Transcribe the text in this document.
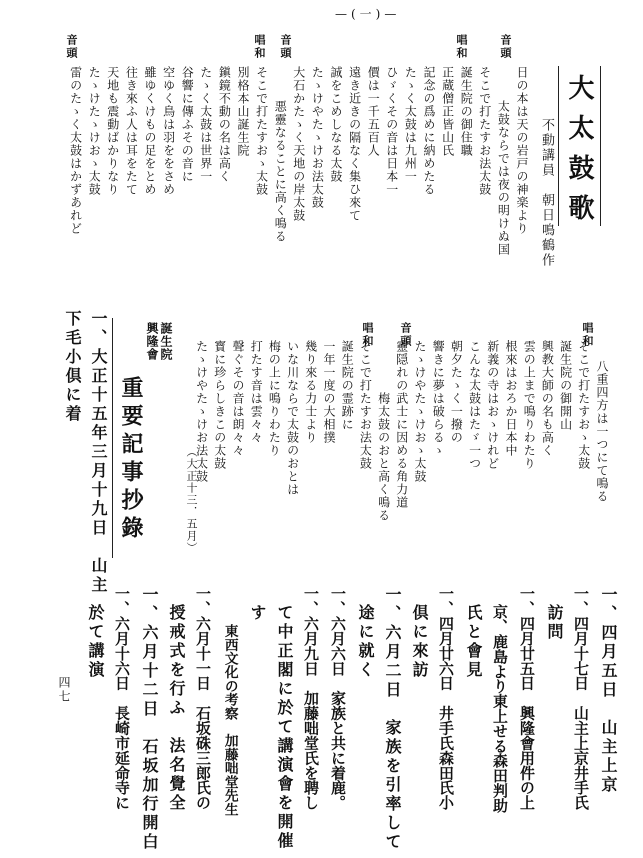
—(一)—
大太鼓歌
不動講員　朝日鳴鶴作
音頭
唱和
音頭
唱和
音頭
日の本は天の岩戸の神楽より
太鼓ならでは夜の明けぬ国
そこで打たすお法太鼓
誕生院の御住職
正蔵僧正皆山氏
記念の爲めに納めたる
たゝく太鼓は九州一
ひゞくその音は日本一
價は一千五百人
遠き近きの隔なく集ひ來て
誠をこめしなる太鼓
たゝけやたゝけお法太鼓
大石かたゝく天地の岸太鼓
悪靈なることに高く鳴る
そこで打たすおゝ太鼓
別格本山誕生院
鎭鏡不動の名は高く
たゝく太鼓は世界一
谷響に傳ふその音に
空ゆく鳥は羽ををさめ
雖ゆくけもの足をとめ
往き來ふ人は耳をたて
天地も震動ばかりなり
たゝけたゝけおゝ太鼓
雷のたゝく太鼓はかずあれど
唱和
音頭
唱和
八重四方は一つにて鳴る
そこで打たすおゝ太鼓
誕生院の御開山
興教大師の名も高く
雲の上まで鳴りわたり
根來はおろか日本中
新義の寺はおゝけれど
こんな太鼓はたゞ一つ
朝夕たゝく一撥の
響きに夢は破らるゝ
たゝけやたゝけおゝ太鼓
靈隠れの武士に因める角力道
梅太鼓のおと高く鳴る
そこで打たすお法太鼓
誕生院の霊跡に
一年一度の大相撲
幾り來る力士より
いな川ならで太鼓のおとは
梅の上に鳴りわたり
打たす音は雲々々
聲ぐその音は朗々々
寳に珍らしきこの太鼓
たゝけやたゝけお法太鼓
（大正十三．五月）
誕生院
興隆會
重要記事抄錄
一、大正十五年三月十九日　山主
下毛小倶に着
一、四月五日　山主上京
一、四月十七日　山主上京井手氏
訪問
一、四月廿五日　興隆會用件の上
京、鹿島より東上せる森田判助
氏と會見
一、四月廿六日　井手氏森田氏小
倶に來訪
一、六月二日　家族を引率して
途に就く
一、六月六日　家族と共に着鹿。
一、六月九日　加藤咄堂氏を聘し
て中正閣に於て講演會を開催
す
東西文化の考察　加藤咄堂先生
一、六月十一日　石坂硃三郎氏の
授戒式を行ふ　法名覺全
一、六月十二日　石坂加行開白
一、六月十六日　長崎市延命寺に
於て講演
四七
